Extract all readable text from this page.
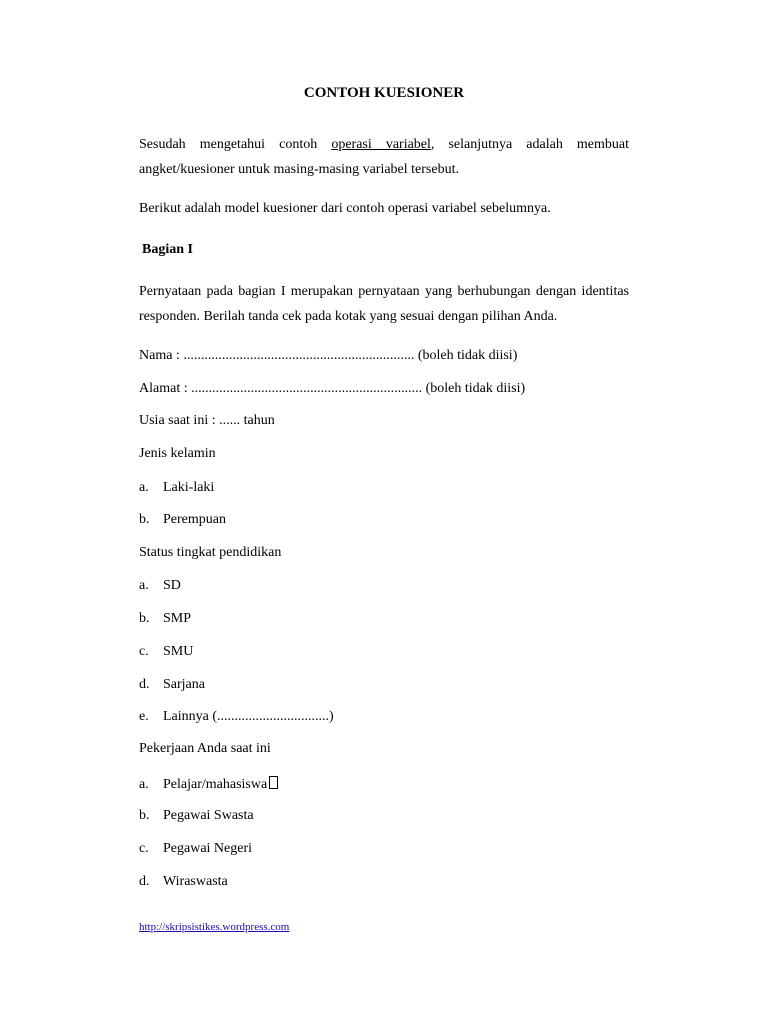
CONTOH KUESIONER
Sesudah mengetahui contoh operasi variabel, selanjutnya adalah membuat
angket/kuesioner untuk masing-masing variabel tersebut.
Berikut adalah model kuesioner dari contoh operasi variabel sebelumnya.
Bagian I
Pernyataan pada bagian I merupakan pernyataan yang berhubungan dengan identitas
responden. Berilah tanda cek pada kotak yang sesuai dengan pilihan Anda.
Nama : .................................................................. (boleh tidak diisi)
Alamat : .................................................................. (boleh tidak diisi)
Usia saat ini : ...... tahun
Jenis kelamin
a. Laki-laki
b. Perempuan
Status tingkat pendidikan
a. SD
b. SMP
c. SMU
d. Sarjana
e. Lainnya (................................)
Pekerjaan Anda saat ini
a. Pelajar/mahasiswa
b. Pegawai Swasta
c. Pegawai Negeri
d. Wiraswasta
http://skripsistikes.wordpress.com
